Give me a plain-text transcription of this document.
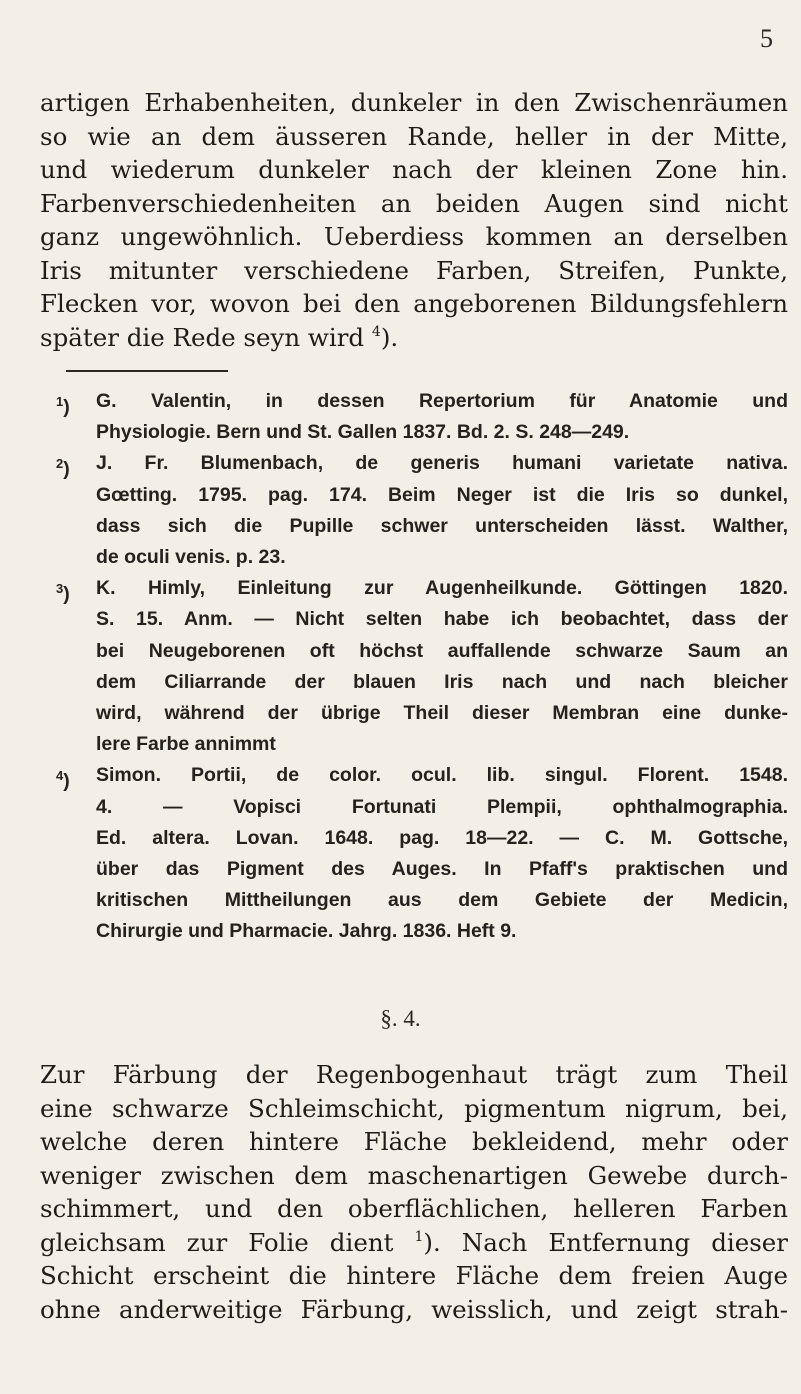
5
artigen Erhabenheiten, dunkeler in den Zwischenräumen
so wie an dem äusseren Rande, heller in der Mitte,
und wiederum dunkeler nach der kleinen Zone hin.
Farbenverschiedenheiten an beiden Augen sind nicht
ganz ungewöhnlich. Ueberdiess kommen an derselben
Iris mitunter verschiedene Farben, Streifen, Punkte,
Flecken vor, wovon bei den angeborenen Bildungsfehlern
später die Rede seyn wird $^4$).
$^1$) G. Valentin, in dessen Repertorium für Anatomie und
Physiologie. Bern und St. Gallen 1837. Bd. 2. S. 248—249.
$^2$) J. Fr. Blumenbach, de generis humani varietate nativa.
Gœtting. 1795. pag. 174. Beim Neger ist die Iris so dunkel,
dass sich die Pupille schwer unterscheiden lässt. Walther,
de oculi venis. p. 23.
$^3$) K. Himly, Einleitung zur Augenheilkunde. Göttingen 1820.
S. 15. Anm. — Nicht selten habe ich beobachtet, dass der
bei Neugeborenen oft höchst auffallende schwarze Saum an
dem Ciliarrande der blauen Iris nach und nach bleicher
wird, während der übrige Theil dieser Membran eine dunke-
lere Farbe annimmt
$^4$) Simon. Portii, de color. ocul. lib. singul. Florent. 1548.
4. — Vopisci Fortunati Plempii, ophthalmographia.
Ed. altera. Lovan. 1648. pag. 18—22. — C. M. Gottsche,
über das Pigment des Auges. In Pfaff's praktischen und
kritischen Mittheilungen aus dem Gebiete der Medicin,
Chirurgie und Pharmacie. Jahrg. 1836. Heft 9.
§. 4.
Zur Färbung der Regenbogenhaut trägt zum Theil
eine schwarze Schleimschicht, pigmentum nigrum, bei,
welche deren hintere Fläche bekleidend, mehr oder
weniger zwischen dem maschenartigen Gewebe durch-
schimmert, und den oberflächlichen, helleren Farben
gleichsam zur Folie dient $^1$). Nach Entfernung dieser
Schicht erscheint die hintere Fläche dem freien Auge
ohne anderweitige Färbung, weisslich, und zeigt strah-
